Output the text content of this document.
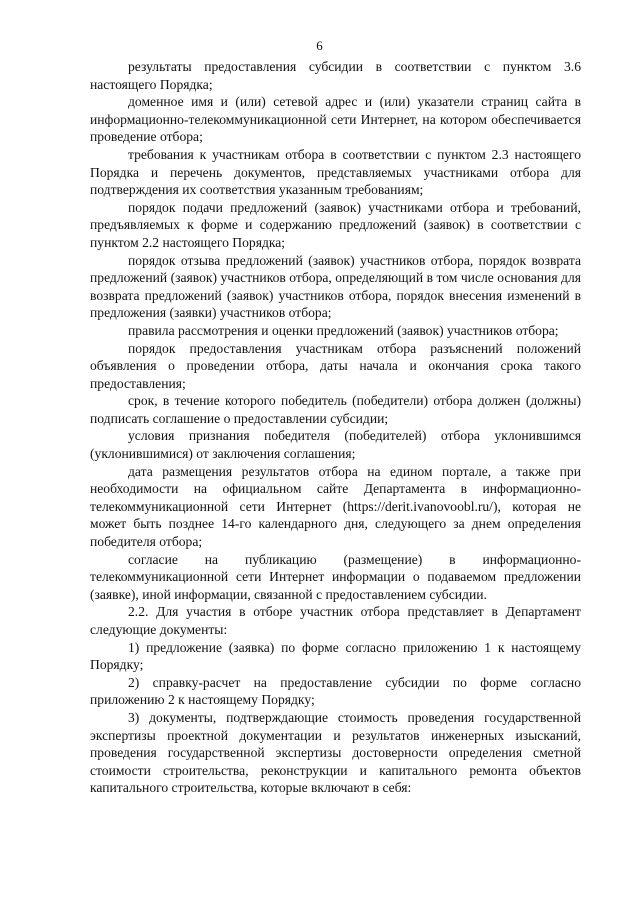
6

результаты предоставления субсидии в соответствии с пунктом 3.6 настоящего Порядка;

доменное имя и (или) сетевой адрес и (или) указатели страниц сайта в информационно-телекоммуникационной сети Интернет, на котором обеспечивается проведение отбора;

требования к участникам отбора в соответствии с пунктом 2.3 настоящего Порядка и перечень документов, представляемых участниками отбора для подтверждения их соответствия указанным требованиям;

порядок подачи предложений (заявок) участниками отбора и требований, предъявляемых к форме и содержанию предложений (заявок) в соответствии с пунктом 2.2 настоящего Порядка;

порядок отзыва предложений (заявок) участников отбора, порядок возврата предложений (заявок) участников отбора, определяющий в том числе основания для возврата предложений (заявок) участников отбора, порядок внесения изменений в предложения (заявки) участников отбора;

правила рассмотрения и оценки предложений (заявок) участников отбора;

порядок предоставления участникам отбора разъяснений положений объявления о проведении отбора, даты начала и окончания срока такого предоставления;

срок, в течение которого победитель (победители) отбора должен (должны) подписать соглашение о предоставлении субсидии;

условия признания победителя (победителей) отбора уклонившимся (уклонившимися) от заключения соглашения;

дата размещения результатов отбора на едином портале, а также при необходимости на официальном сайте Департамента в информационно-телекоммуникационной сети Интернет (https://derit.ivanovoobl.ru/), которая не может быть позднее 14-го календарного дня, следующего за днем определения победителя отбора;

согласие на публикацию (размещение) в информационно-телекоммуникационной сети Интернет информации о подаваемом предложении (заявке), иной информации, связанной с предоставлением субсидии.

2.2. Для участия в отборе участник отбора представляет в Департамент следующие документы:

1) предложение (заявка) по форме согласно приложению 1 к настоящему Порядку;

2) справку-расчет на предоставление субсидии по форме согласно приложению 2 к настоящему Порядку;

3) документы, подтверждающие стоимость проведения государственной экспертизы проектной документации и результатов инженерных изысканий, проведения государственной экспертизы достоверности определения сметной стоимости строительства, реконструкции и капитального ремонта объектов капитального строительства, которые включают в себя:
